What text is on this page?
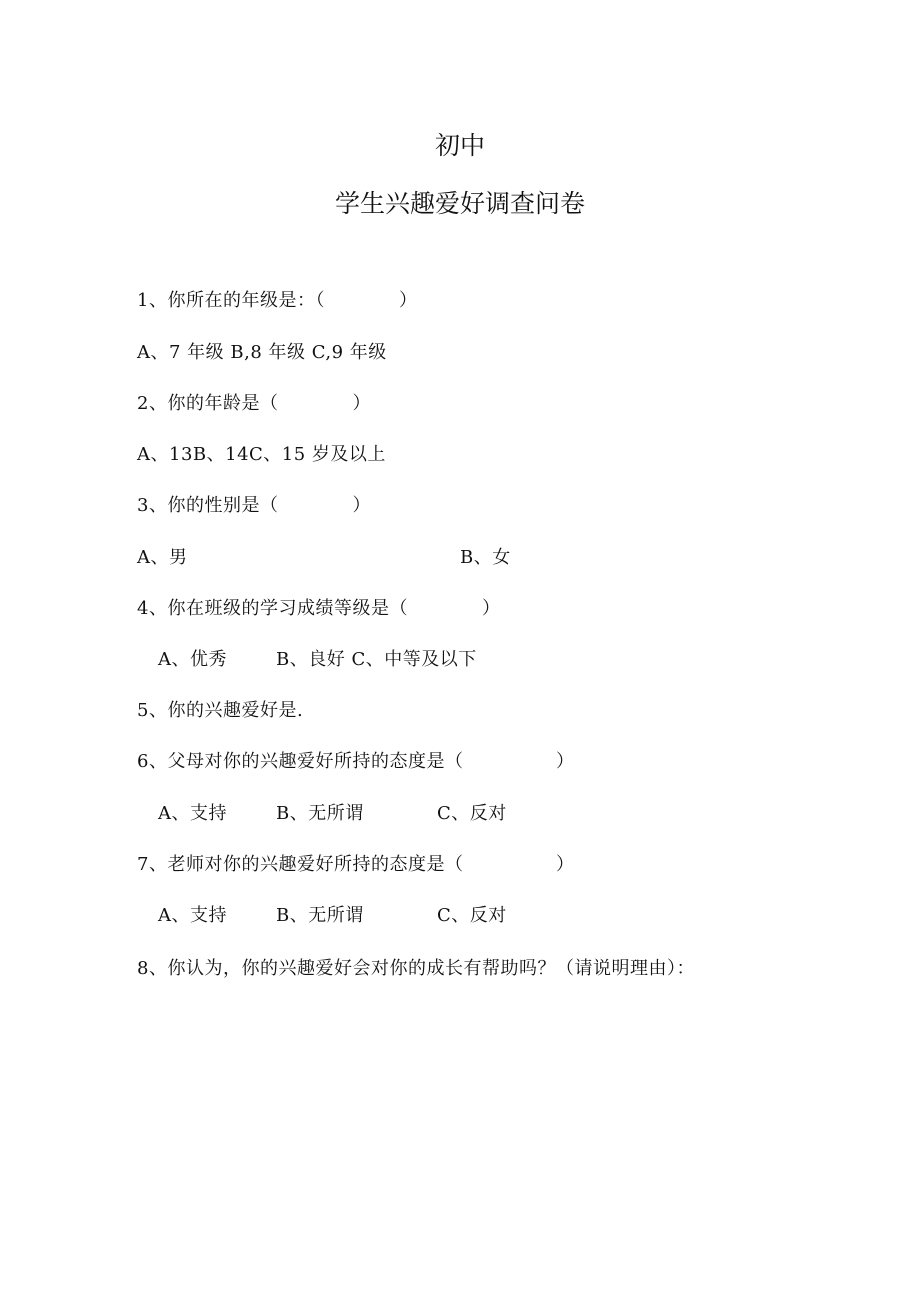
初中
学生兴趣爱好调查问卷
1、你所在的年级是：（　　　　）
A、7 年级 B,8 年级 C,9 年级
2、你的年龄是（　　　　）
A、13B、14C、15 岁及以上
3、你的性别是（　　　　）

A、男

	B、女

4、你在班级的学习成绩等级是（　　　　）

A、优秀

	B、良好 C、中等及以下

5、你的兴趣爱好是.
6、父母对你的兴趣爱好所持的态度是（　　　　　）

A、支持

	B、无所谓

	C、反对

7、老师对你的兴趣爱好所持的态度是（　　　　　）

A、支持

	B、无所谓

	C、反对

8、你认为，你的兴趣爱好会对你的成长有帮助吗？（请说明理由）：
